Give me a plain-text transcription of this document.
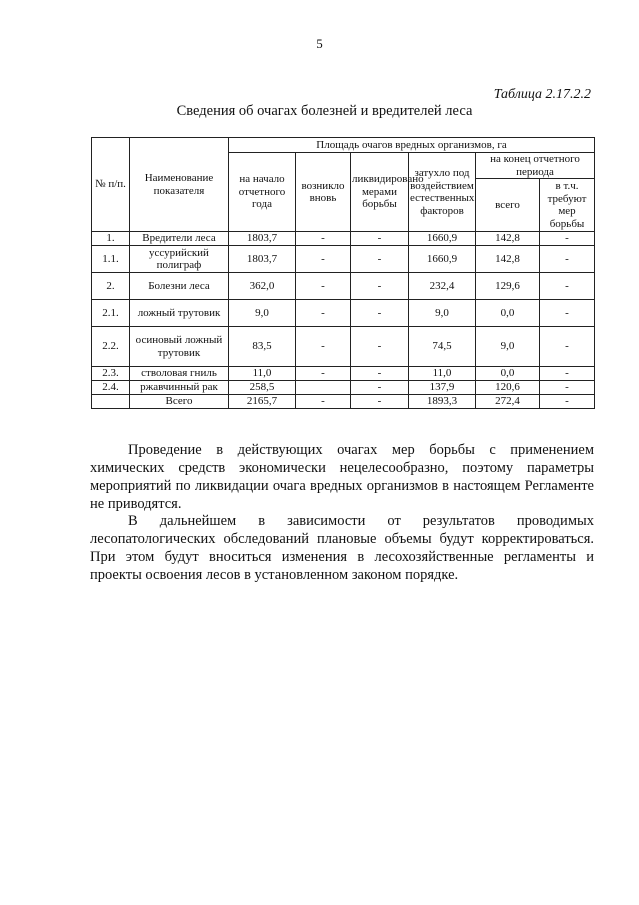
5
Таблица 2.17.2.2
Сведения об очагах болезней и вредителей леса
№ п/п.	Наименование показателя	Площадь очагов вредных организмов, га					
		на начало отчетного года	возникло вновь	ликвидировано мерами борьбы	затухло под воздействием естественных факторов	на конец отчетного периода	
						всего	в т.ч. требуют мер борьбы
1.	Вредители леса	1803,7	-	-	1660,9	142,8	-
1.1.	уссурийский полиграф	1803,7	-	-	1660,9	142,8	-
2.	Болезни леса	362,0	-	-	232,4	129,6	-
2.1.	ложный трутовик	9,0	-	-	9,0	0,0	-
2.2.	осиновый ложный трутовик	83,5	-	-	74,5	9,0	-
2.3.	стволовая гниль	11,0	-	-	11,0	0,0	-
2.4.	ржавчинный рак	258,5		-	137,9	120,6	-
	Всего	2165,7	-	-	1893,3	272,4	-

Проведение в действующих очагах мер борьбы с применением химических средств экономически нецелесообразно, поэтому параметры мероприятий по ликвидации очага вредных организмов в настоящем Регламенте не приводятся.

В дальнейшем в зависимости от результатов проводимых лесопатологических обследований плановые объемы будут корректироваться. При этом будут вноситься изменения в лесохозяйственные регламенты и проекты освоения лесов в установленном законом порядке.
